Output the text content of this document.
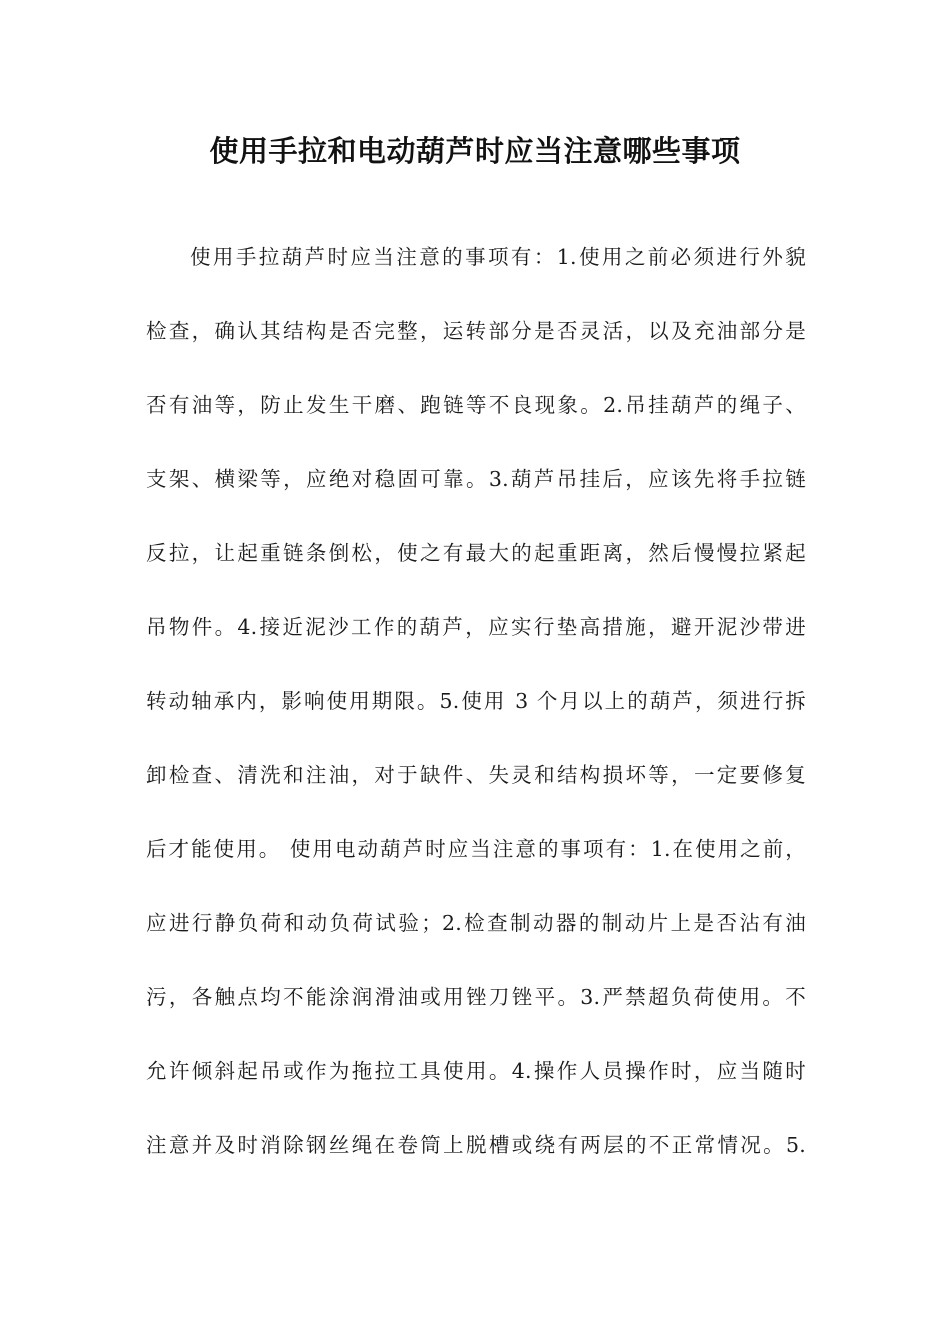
使用手拉和电动葫芦时应当注意哪些事项
使用手拉葫芦时应当注意的事项有：1.使用之前必须进行外貌
检查，确认其结构是否完整，运转部分是否灵活，以及充油部分是
否有油等，防止发生干磨、跑链等不良现象。2.吊挂葫芦的绳子、
支架、横梁等，应绝对稳固可靠。3.葫芦吊挂后，应该先将手拉链
反拉，让起重链条倒松，使之有最大的起重距离，然后慢慢拉紧起
吊物件。4.接近泥沙工作的葫芦，应实行垫高措施，避开泥沙带进
转动轴承内，影响使用期限。5.使用 3 个月以上的葫芦，须进行拆
卸检查、清洗和注油，对于缺件、失灵和结构损坏等，一定要修复
后才能使用。 使用电动葫芦时应当注意的事项有：1.在使用之前，
应进行静负荷和动负荷试验；2.检查制动器的制动片上是否沾有油
污，各触点均不能涂润滑油或用锉刀锉平。3.严禁超负荷使用。不
允许倾斜起吊或作为拖拉工具使用。4.操作人员操作时，应当随时
注意并及时消除钢丝绳在卷筒上脱槽或绕有两层的不正常情况。5.
